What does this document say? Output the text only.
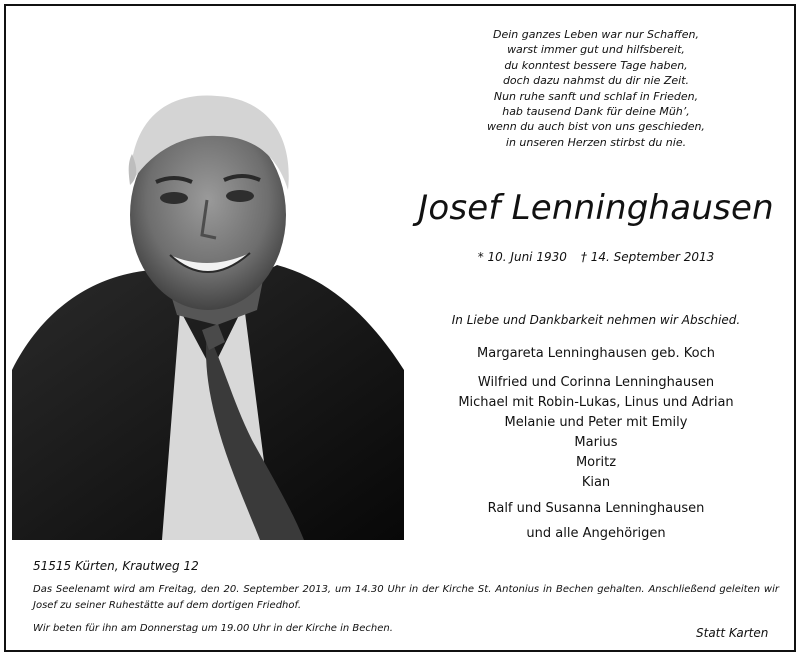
Dein ganzes Leben war nur Schaffen,
warst immer gut und hilfsbereit,
du konntest bessere Tage haben,
doch dazu nahmst du dir nie Zeit.
Nun ruhe sanft und schlaf in Frieden,
hab tausend Dank für deine Müh’,
wenn du auch bist von uns geschieden,
in unseren Herzen stirbst du nie.
Josef Lenninghausen
* 10. Juni 1930 † 14. September 2013
In Liebe und Dankbarkeit nehmen wir Abschied.
Margareta Lenninghausen geb. Koch
Wilfried und Corinna Lenninghausen
Michael mit Robin-Lukas, Linus und Adrian
Melanie und Peter mit Emily
Marius
Moritz
Kian
Ralf und Susanna Lenninghausen
und alle Angehörigen
51515 Kürten, Krautweg 12
Das Seelenamt wird am Freitag, den 20. September 2013, um 14.30 Uhr in der Kirche St. Antonius in Bechen gehalten. Anschließend geleiten wir Josef zu seiner Ruhestätte auf dem dortigen Friedhof.
Wir beten für ihn am Donnerstag um 19.00 Uhr in der Kirche in Bechen.	Statt Karten
